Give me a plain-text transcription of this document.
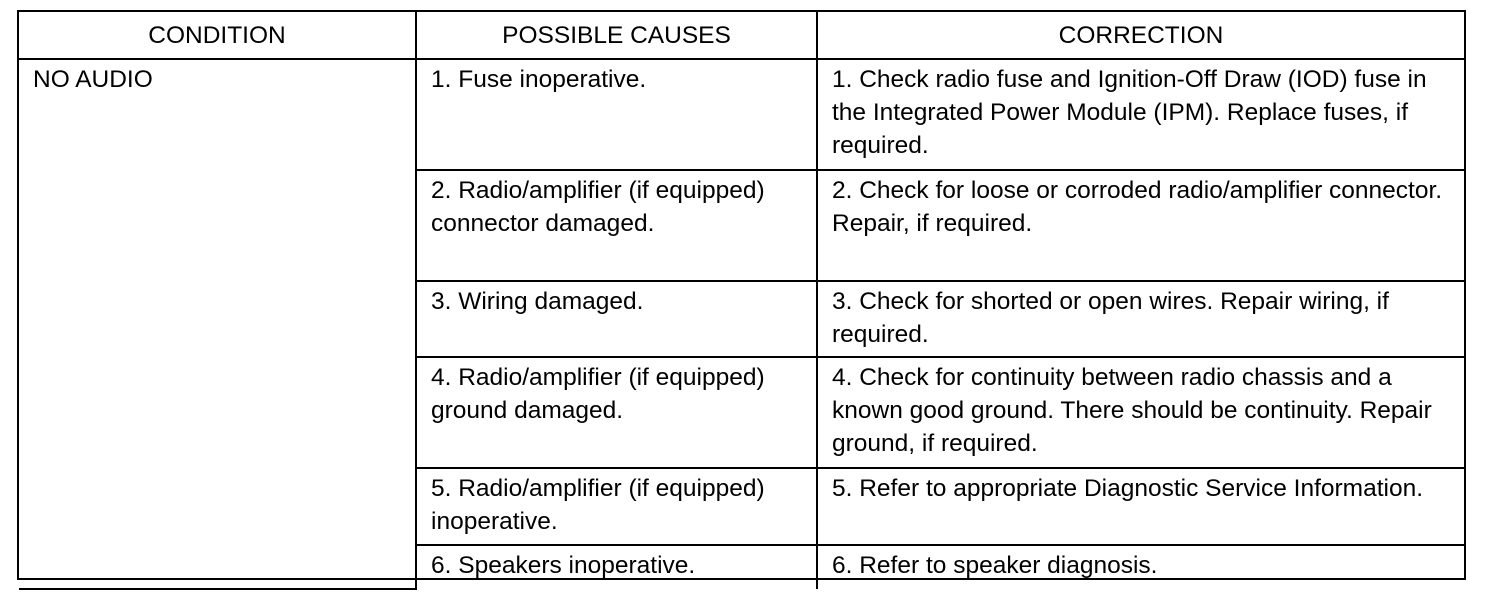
CONDITION	POSSIBLE CAUSES	CORRECTION
NO AUDIO	1. Fuse inoperative.	1. Check radio fuse and Ignition-Off Draw (IOD) fuse in the Integrated Power Module (IPM). Replace fuses, if required.
	2. Radio/amplifier (if equipped) connector damaged.	2. Check for loose or corroded radio/amplifier connector. Repair, if required.
	3. Wiring damaged.	3. Check for shorted or open wires. Repair wiring, if required.
	4. Radio/amplifier (if equipped) ground damaged.	4. Check for continuity between radio chassis and a known good ground. There should be continuity. Repair ground, if required.
	5. Radio/amplifier (if equipped) inoperative.	5. Refer to appropriate Diagnostic Service Information.
	6. Speakers inoperative.	6. Refer to speaker diagnosis.
